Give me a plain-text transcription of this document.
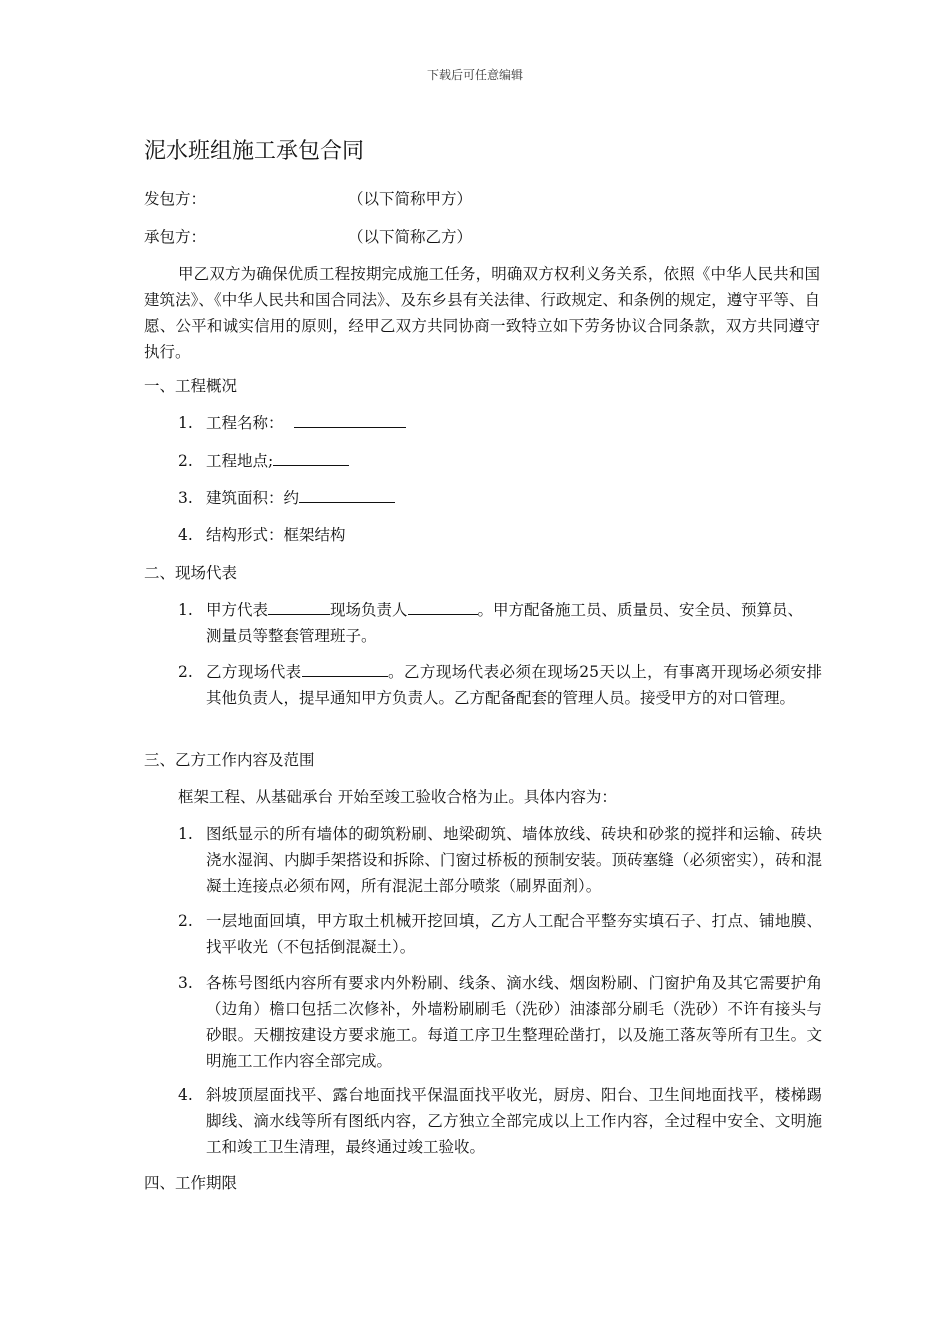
下载后可任意编辑
泥水班组施工承包合同
发包方：	（以下简称甲方）
承包方：	（以下简称乙方）
甲乙双方为确保优质工程按期完成施工任务，明确双方权利义务关系，依照《中华人民共和国建筑法》、《中华人民共和国合同法》、及东乡县有关法律、行政规定、和条例的规定，遵守平等、自愿、公平和诚实信用的原则，经甲乙双方共同协商一致特立如下劳务协议合同条款，双方共同遵守执行。
一、工程概况
1. 工程名称：
2. 工程地点;
3. 建筑面积：约
4. 结构形式：框架结构
二、现场代表
1. 甲方代表	现场负责人	。甲方配备施工员、质量员、安全员、预算员、
测量员等整套管理班子。
2. 乙方现场代表	。乙方现场代表必须在现场25天以上，有事离开现场必须安排其他负责人，提早通知甲方负责人。乙方配备配套的管理人员。接受甲方的对口管理。
三、乙方工作内容及范围
框架工程、从基础承台 开始至竣工验收合格为止。具体内容为：
1. 图纸显示的所有墙体的砌筑粉刷、地梁砌筑、墙体放线、砖块和砂浆的搅拌和运输、砖块浇水湿润、内脚手架搭设和拆除、门窗过桥板的预制安装。顶砖塞缝（必须密实），砖和混凝土连接点必须布网，所有混泥土部分喷浆（刷界面剂）。
2. 一层地面回填，甲方取土机械开挖回填，乙方人工配合平整夯实填石子、打点、铺地膜、找平收光（不包括倒混凝土）。
3. 各栋号图纸内容所有要求内外粉刷、线条、滴水线、烟囱粉刷、门窗护角及其它需要护角（边角）檐口包括二次修补，外墙粉刷刷毛（洗砂）油漆部分刷毛（洗砂）不许有接头与砂眼。天棚按建设方要求施工。每道工序卫生整理砼凿打，以及施工落灰等所有卫生。文明施工工作内容全部完成。
4. 斜坡顶屋面找平、露台地面找平保温面找平收光，厨房、阳台、卫生间地面找平，楼梯踢脚线、滴水线等所有图纸内容，乙方独立全部完成以上工作内容，全过程中安全、文明施工和竣工卫生清理，最终通过竣工验收。
四、工作期限
